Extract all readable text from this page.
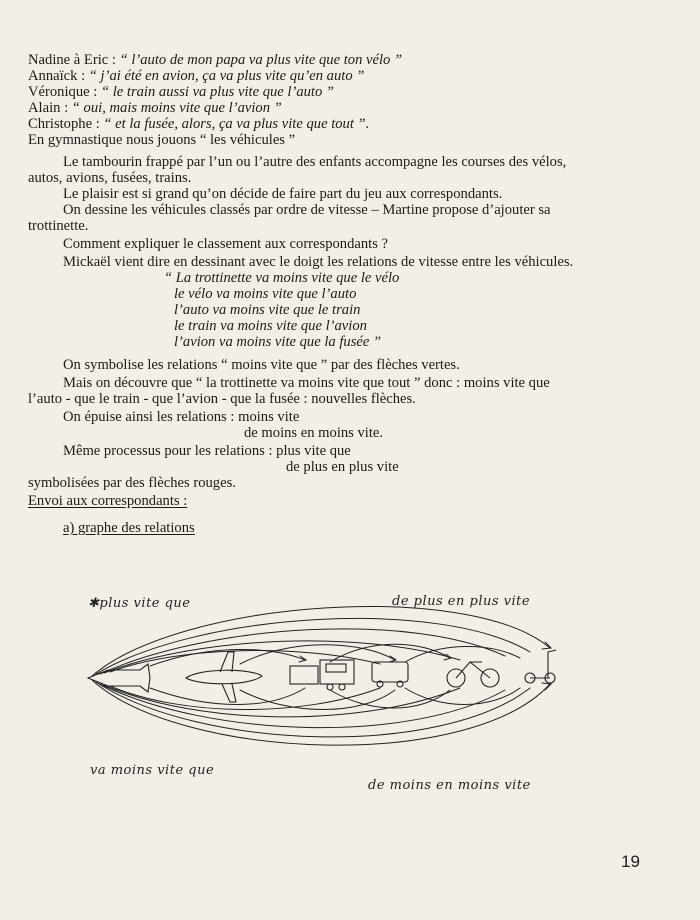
Nadine à Eric : “ l’auto de mon papa va plus vite que ton vélo ”
Annaïck : “ j’ai été en avion, ça va plus vite qu’en auto ”
Véronique : “ le train aussi va plus vite que l’auto ”
Alain : “ oui, mais moins vite que l’avion ”
Christophe : “ et la fusée, alors, ça va plus vite que tout ”.
En gymnastique nous jouons “ les véhicules ”
Le tambourin frappé par l’un ou l’autre des enfants accompagne les courses des vélos,
autos, avions, fusées, trains.
Le plaisir est si grand qu’on décide de faire part du jeu aux correspondants.
On dessine les véhicules classés par ordre de vitesse – Martine propose d’ajouter sa
trottinette.
Comment expliquer le classement aux correspondants ?
Mickaël vient dire en dessinant avec le doigt les relations de vitesse entre les véhicules.
“ La trottinette va moins vite que le vélo
le vélo va moins vite que l’auto
l’auto va moins vite que le train
le train va moins vite que l’avion
l’avion va moins vite que la fusée ”
On symbolise les relations “ moins vite que ” par des flèches vertes.
Mais on découvre que “ la trottinette va moins vite que tout ” donc : moins vite que
l’auto - que le train - que l’avion - que la fusée : nouvelles flèches.
On épuise ainsi les relations : moins vite
de moins en moins vite.
Même processus pour les relations : plus vite que
de plus en plus vite
symbolisées par des flèches rouges.
Envoi aux correspondants :
a) graphe des relations
✱plus vite que	de plus en plus vite
va moins vite que
de moins en moins vite
19
